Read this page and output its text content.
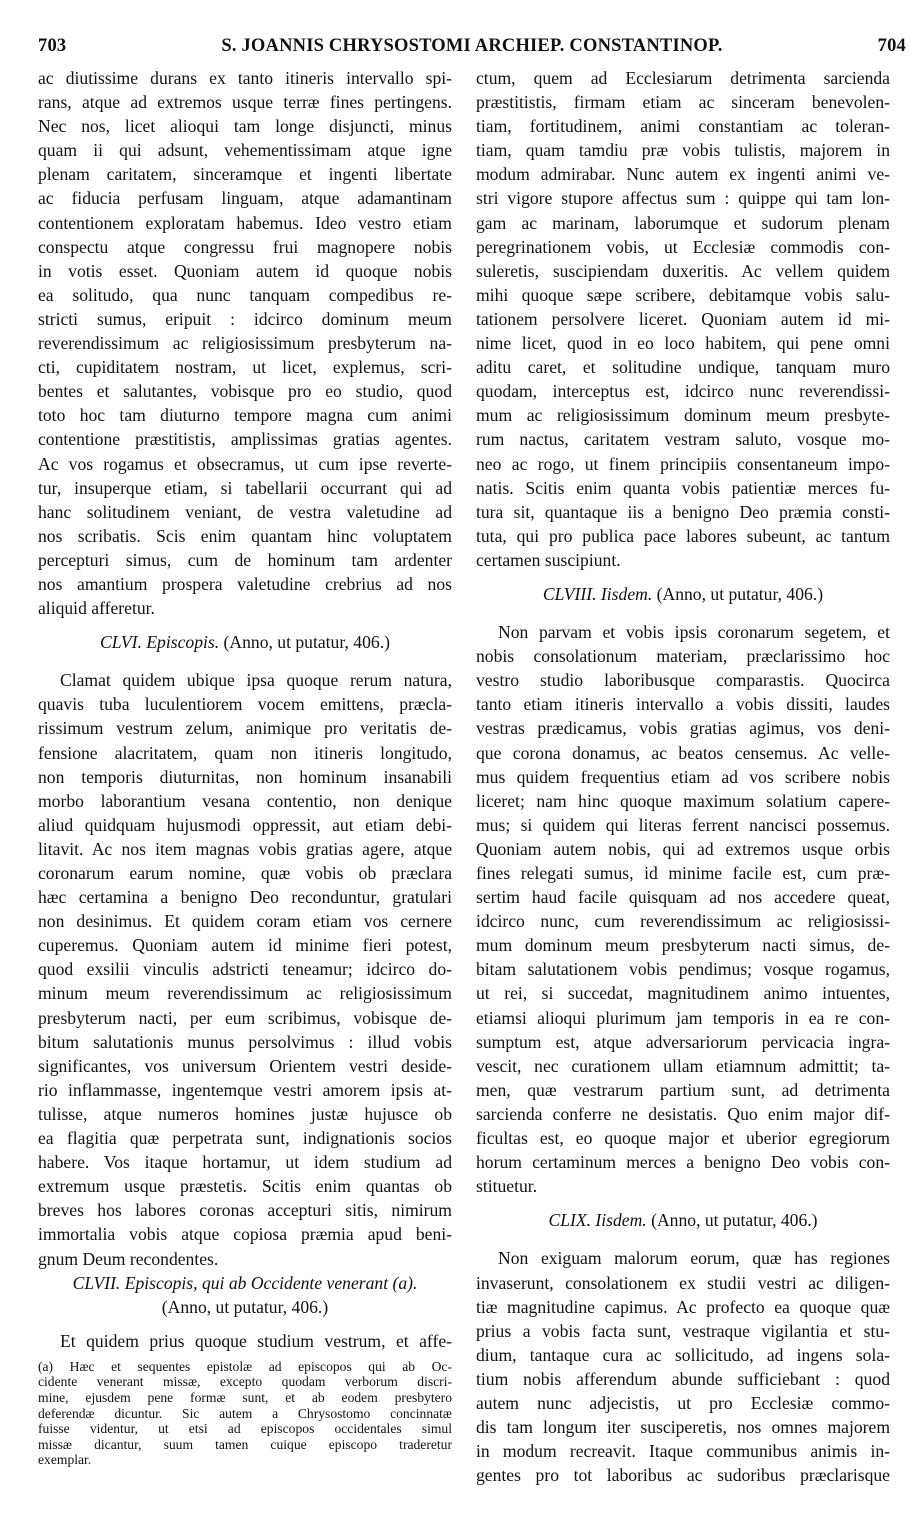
703	S. JOANNIS CHRYSOSTOMI ARCHIEP. CONSTANTINOP.	704
ac diutissime durans ex tanto itineris intervallo spi-
rans, atque ad extremos usque terræ fines pertingens.
Nec nos, licet alioqui tam longe disjuncti, minus
quam ii qui adsunt, vehementissimam atque igne
plenam caritatem, sinceramque et ingenti libertate
ac fiducia perfusam linguam, atque adamantinam
contentionem exploratam habemus. Ideo vestro etiam
conspectu atque congressu frui magnopere nobis
in votis esset. Quoniam autem id quoque nobis
ea solitudo, qua nunc tanquam compedibus re-
stricti sumus, eripuit : idcirco dominum meum
reverendissimum ac religiosissimum presbyterum na-
cti, cupiditatem nostram, ut licet, explemus, scri-
bentes et salutantes, vobisque pro eo studio, quod
toto hoc tam diuturno tempore magna cum animi
contentione præstitistis, amplissimas gratias agentes.
Ac vos rogamus et obsecramus, ut cum ipse reverte-
tur, insuperque etiam, si tabellarii occurrant qui ad
hanc solitudinem veniant, de vestra valetudine ad
nos scribatis. Scis enim quantam hinc voluptatem
percepturi simus, cum de hominum tam ardenter
nos amantium prospera valetudine crebrius ad nos
aliquid afferetur.
CLVI. Episcopis. (Anno, ut putatur, 406.)
Clamat quidem ubique ipsa quoque rerum natura,
quavis tuba luculentiorem vocem emittens, præcla-
rissimum vestrum zelum, animique pro veritatis de-
fensione alacritatem, quam non itineris longitudo,
non temporis diuturnitas, non hominum insanabili
morbo laborantium vesana contentio, non denique
aliud quidquam hujusmodi oppressit, aut etiam debi-
litavit. Ac nos item magnas vobis gratias agere, atque
coronarum earum nomine, quæ vobis ob præclara
hæc certamina a benigno Deo reconduntur, gratulari
non desinimus. Et quidem coram etiam vos cernere
cuperemus. Quoniam autem id minime fieri potest,
quod exsilii vinculis adstricti teneamur; idcirco do-
minum meum reverendissimum ac religiosissimum
presbyterum nacti, per eum scribimus, vobisque de-
bitum salutationis munus persolvimus : illud vobis
significantes, vos universum Orientem vestri deside-
rio inflammasse, ingentemque vestri amorem ipsis at-
tulisse, atque numeros homines justæ hujusce ob
ea flagitia quæ perpetrata sunt, indignationis socios
habere. Vos itaque hortamur, ut idem studium ad
extremum usque præstetis. Scitis enim quantas ob
breves hos labores coronas accepturi sitis, nimirum
immortalia vobis atque copiosa præmia apud beni-
gnum Deum recondentes.
CLVII. Episcopis, qui ab Occidente venerant (a).
(Anno, ut putatur, 406.)
Et quidem prius quoque studium vestrum, et affe-
(a) Hæc et sequentes epistolæ ad episcopos qui ab Oc-
cidente venerant missæ, excepto quodam verborum discri-
mine, ejusdem pene formæ sunt, et ab eodem presbytero
deferendæ dicuntur. Sic autem a Chrysostomo concinnatæ
fuisse videntur, ut etsi ad episcopos occidentales simul
missæ dicantur, suum tamen cuique episcopo traderetur
exemplar.
ctum, quem ad Ecclesiarum detrimenta sarcienda
præstitistis, firmam etiam ac sinceram benevolen-
tiam, fortitudinem, animi constantiam ac toleran-
tiam, quam tamdiu præ vobis tulistis, majorem in
modum admirabar. Nunc autem ex ingenti animi ve-
stri vigore stupore affectus sum : quippe qui tam lon-
gam ac marinam, laborumque et sudorum plenam
peregrinationem vobis, ut Ecclesiæ commodis con-
suleretis, suscipiendam duxeritis. Ac vellem quidem
mihi quoque sæpe scribere, debitamque vobis salu-
tationem persolvere liceret. Quoniam autem id mi-
nime licet, quod in eo loco habitem, qui pene omni
aditu caret, et solitudine undique, tanquam muro
quodam, interceptus est, idcirco nunc reverendissi-
mum ac religiosissimum dominum meum presbyte-
rum nactus, caritatem vestram saluto, vosque mo-
neo ac rogo, ut finem principiis consentaneum impo-
natis. Scitis enim quanta vobis patientiæ merces fu-
tura sit, quantaque iis a benigno Deo præmia consti-
tuta, qui pro publica pace labores subeunt, ac tantum
certamen suscipiunt.
CLVIII. Iisdem. (Anno, ut putatur, 406.)
Non parvam et vobis ipsis coronarum segetem, et
nobis consolationum materiam, præclarissimo hoc
vestro studio laboribusque comparastis. Quocirca
tanto etiam itineris intervallo a vobis dissiti, laudes
vestras prædicamus, vobis gratias agimus, vos deni-
que corona donamus, ac beatos censemus. Ac velle-
mus quidem frequentius etiam ad vos scribere nobis
liceret; nam hinc quoque maximum solatium capere-
mus; si quidem qui literas ferrent nancisci possemus.
Quoniam autem nobis, qui ad extremos usque orbis
fines relegati sumus, id minime facile est, cum præ-
sertim haud facile quisquam ad nos accedere queat,
idcirco nunc, cum reverendissimum ac religiosissi-
mum dominum meum presbyterum nacti simus, de-
bitam salutationem vobis pendimus; vosque rogamus,
ut rei, si succedat, magnitudinem animo intuentes,
etiamsi alioqui plurimum jam temporis in ea re con-
sumptum est, atque adversariorum pervicacia ingra-
vescit, nec curationem ullam etiamnum admittit; ta-
men, quæ vestrarum partium sunt, ad detrimenta
sarcienda conferre ne desistatis. Quo enim major dif-
ficultas est, eo quoque major et uberior egregiorum
horum certaminum merces a benigno Deo vobis con-
stituetur.
CLIX. Iisdem. (Anno, ut putatur, 406.)
Non exiguam malorum eorum, quæ has regiones
invaserunt, consolationem ex studii vestri ac diligen-
tiæ magnitudine capimus. Ac profecto ea quoque quæ
prius a vobis facta sunt, vestraque vigilantia et stu-
dium, tantaque cura ac sollicitudo, ad ingens sola-
tium nobis afferendum abunde sufficiebant : quod
autem nunc adjecistis, ut pro Ecclesiæ commo-
dis tam longum iter susciperetis, nos omnes majorem
in modum recreavit. Itaque communibus animis in-
gentes pro tot laboribus ac sudoribus præclarisque
